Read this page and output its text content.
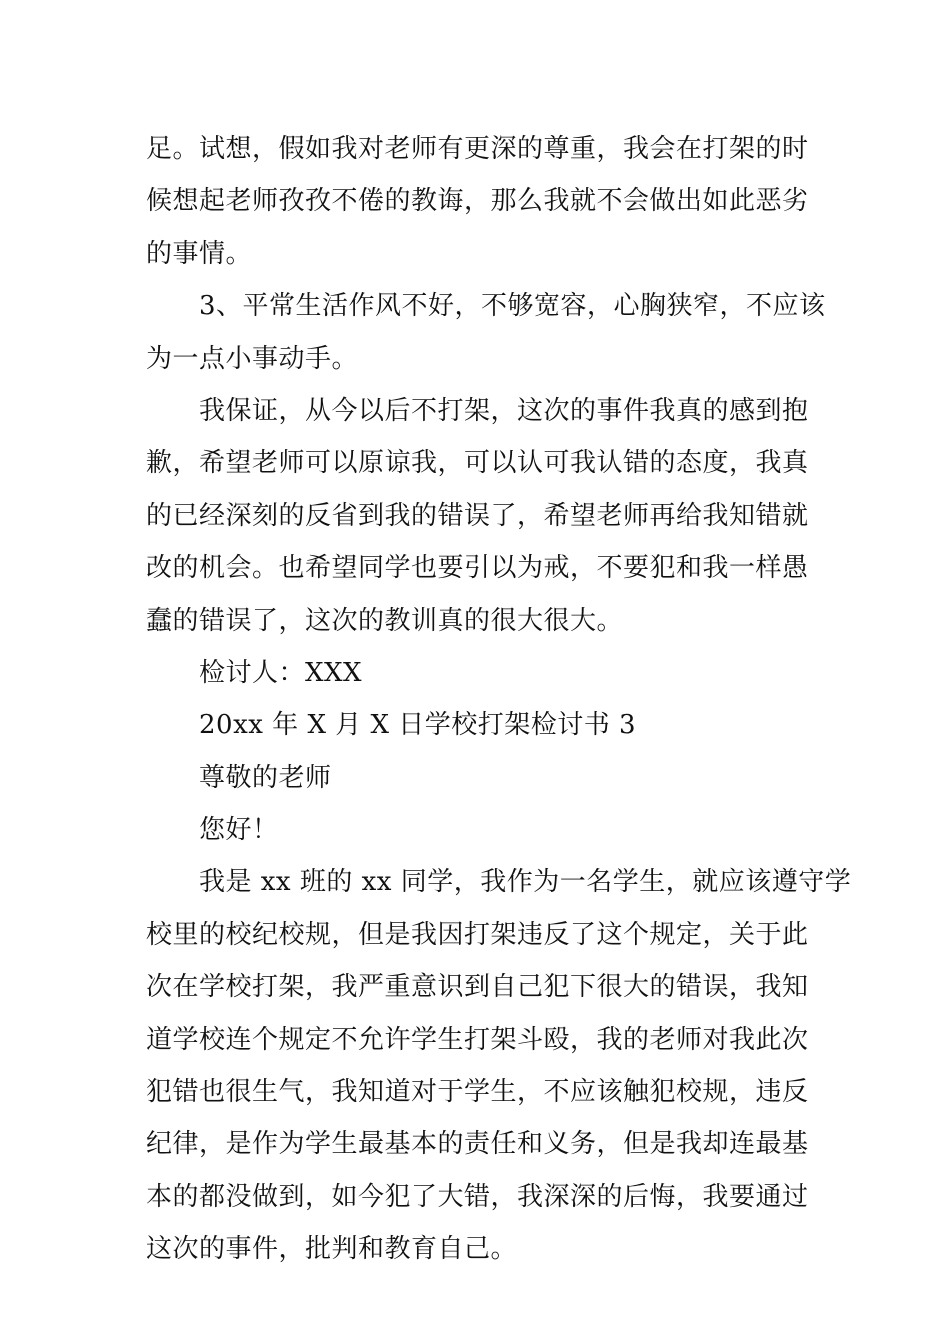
足。试想，假如我对老师有更深的尊重，我会在打架的时
候想起老师孜孜不倦的教诲，那么我就不会做出如此恶劣
的事情。
3、平常生活作风不好，不够宽容，心胸狭窄，不应该
为一点小事动手。
我保证，从今以后不打架，这次的事件我真的感到抱
歉，希望老师可以原谅我，可以认可我认错的态度，我真
的已经深刻的反省到我的错误了，希望老师再给我知错就
改的机会。也希望同学也要引以为戒，不要犯和我一样愚
蠢的错误了，这次的教训真的很大很大。
检讨人：XXX
20xx 年 X 月 X 日学校打架检讨书 3
尊敬的老师
您好！
我是 xx 班的 xx 同学，我作为一名学生，就应该遵守学
校里的校纪校规，但是我因打架违反了这个规定，关于此
次在学校打架，我严重意识到自己犯下很大的错误，我知
道学校连个规定不允许学生打架斗殴，我的老师对我此次
犯错也很生气，我知道对于学生，不应该触犯校规，违反
纪律，是作为学生最基本的责任和义务，但是我却连最基
本的都没做到，如今犯了大错，我深深的后悔，我要通过
这次的事件，批判和教育自己。
